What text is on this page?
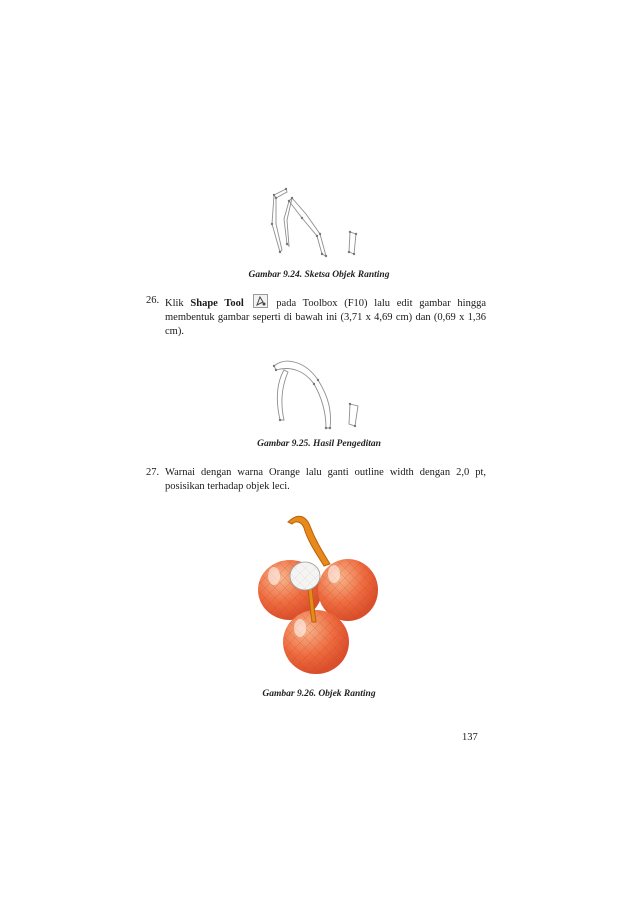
Gambar 9.24. Sketsa Objek Ranting
26. Klik Shape Tool	pada Toolbox (F10) lalu edit gambar hingga membentuk gambar seperti di bawah ini (3,71 x 4,69 cm) dan (0,69 x 1,36 cm).
Gambar 9.25. Hasil Pengeditan
27. Warnai dengan warna Orange lalu ganti outline width dengan 2,0 pt, posisikan terhadap objek leci.
Gambar 9.26. Objek Ranting
137
